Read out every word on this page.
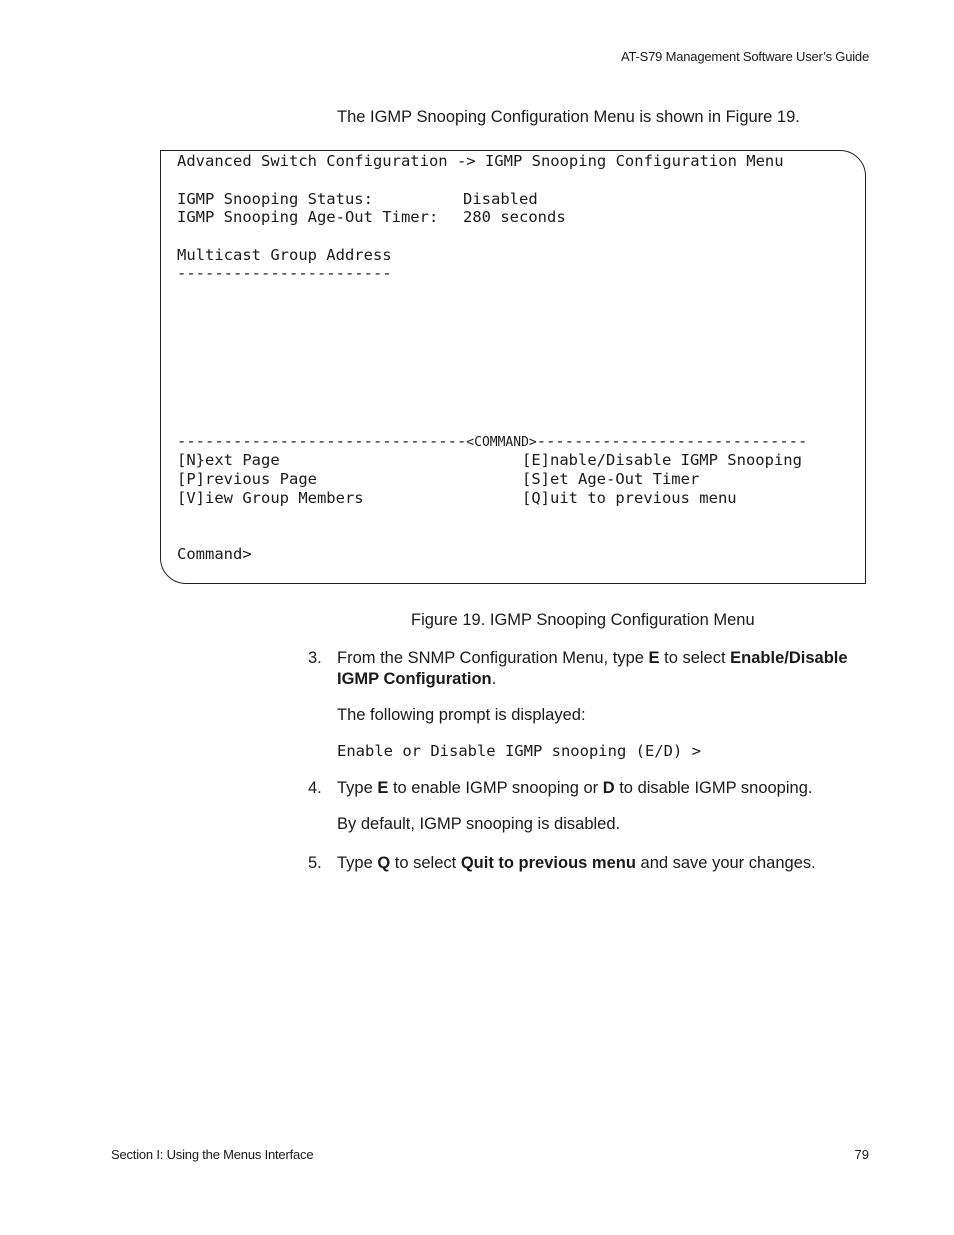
AT-S79 Management Software User’s Guide
The IGMP Snooping Configuration Menu is shown in Figure 19.
Advanced Switch Configuration -> IGMP Snooping Configuration Menu
IGMP Snooping Status:	Disabled
IGMP Snooping Age-Out Timer: 280 seconds
Multicast Group Address
-----------------------
-------------------------------<COMMAND>-----------------------------
[N}ext Page
[P]revious Page
[V]iew Group Members
[E]nable/Disable IGMP Snooping
[S]et Age-Out Timer
[Q]uit to previous menu
Command>
Figure 19. IGMP Snooping Configuration Menu
3. From the SNMP Configuration Menu, type E to select Enable/Disable
IGMP Configuration.
The following prompt is displayed:
Enable or Disable IGMP snooping (E/D) >
4. Type E to enable IGMP snooping or D to disable IGMP snooping.
By default, IGMP snooping is disabled.
5. Type Q to select Quit to previous menu and save your changes.
Section I: Using the Menus Interface	79
